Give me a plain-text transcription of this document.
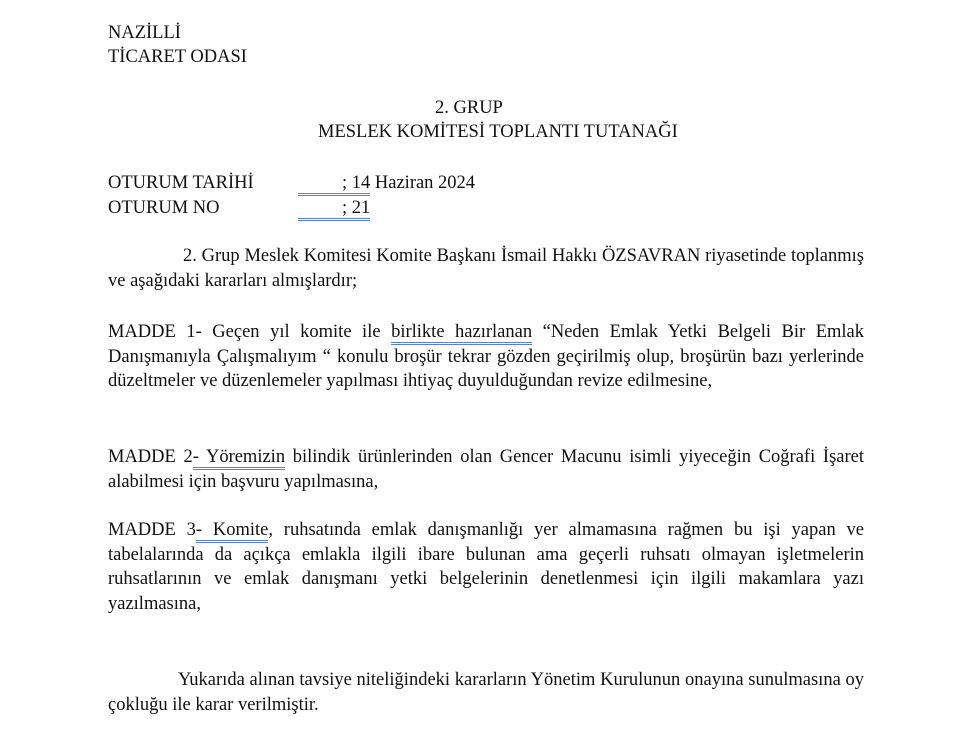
NAZİLLİ
TİCARET ODASI
2. GRUP
MESLEK KOMİTESİ TOPLANTI TUTANAĞI
OTURUM TARİHİ	; 14 Haziran 2024
OTURUM NO	; 21

2. Grup Meslek Komitesi Komite Başkanı İsmail Hakkı ÖZSAVRAN riyasetinde toplanmış ve aşağıdaki kararları almışlardır;

MADDE 1- Geçen yıl komite ile birlikte hazırlanan “Neden Emlak Yetki Belgeli Bir Emlak Danışmanıyla Çalışmalıyım “ konulu broşür tekrar gözden geçirilmiş olup, broşürün bazı yerlerinde düzeltmeler ve düzenlemeler yapılması ihtiyaç duyulduğundan revize edilmesine,

MADDE 2- Yöremizin bilindik ürünlerinden olan Gencer Macunu isimli yiyeceğin Coğrafi İşaret alabilmesi için başvuru yapılmasına,

MADDE 3- Komite, ruhsatında emlak danışmanlığı yer almamasına rağmen bu işi yapan ve tabelalarında da açıkça emlakla ilgili ibare bulunan ama geçerli ruhsatı olmayan işletmelerin ruhsatlarının ve emlak danışmanı yetki belgelerinin denetlenmesi için ilgili makamlara yazı yazılmasına,

Yukarıda alınan tavsiye niteliğindeki kararların Yönetim Kurulunun onayına sunulmasına oy çokluğu ile karar verilmiştir.
